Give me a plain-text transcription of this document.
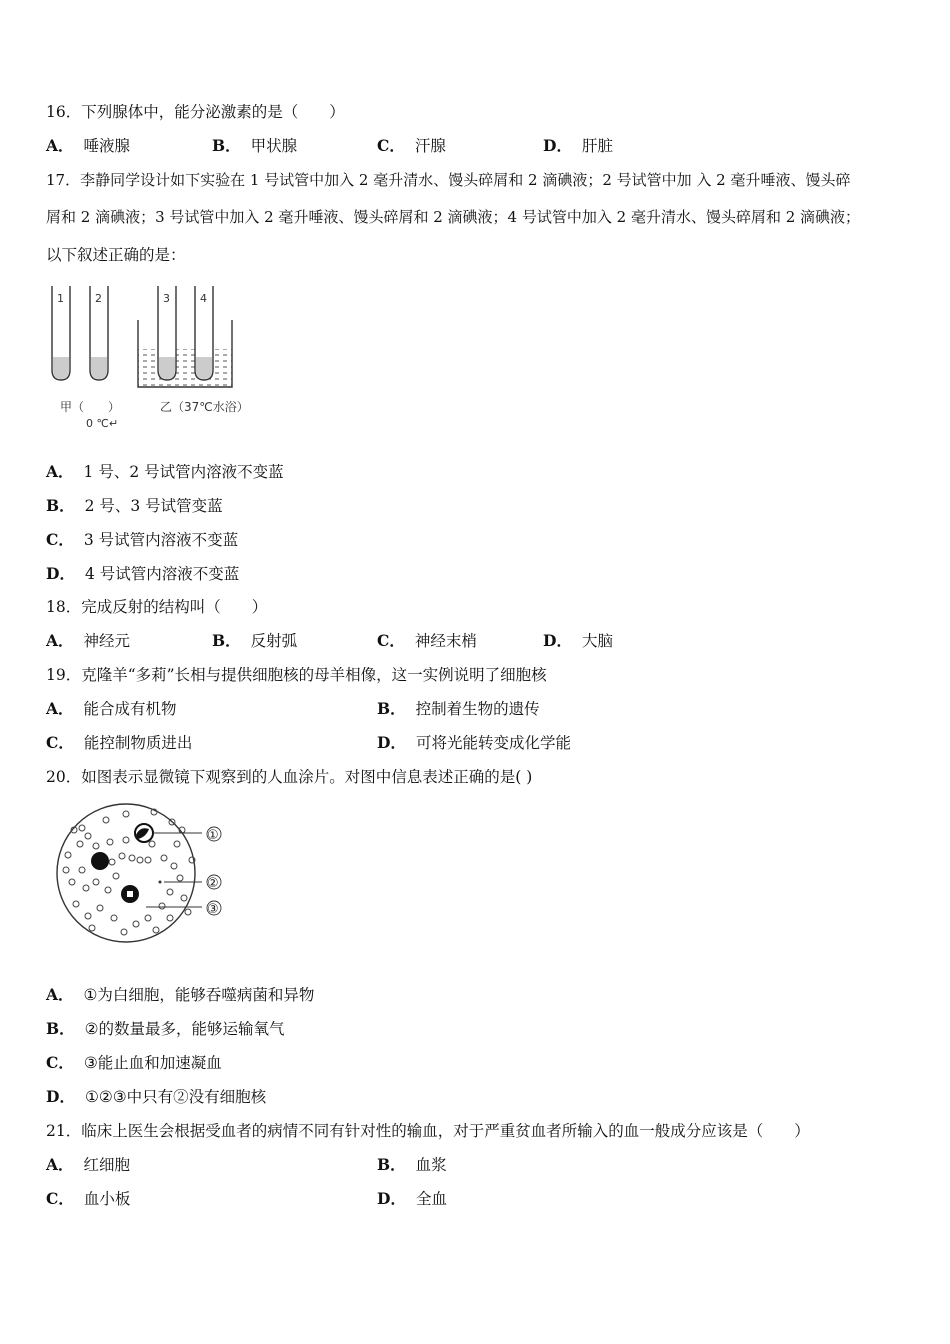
16．下列腺体中，能分泌激素的是（　　）
A． 唾液腺	B． 甲状腺	C． 汗腺	D． 肝脏
17．李静同学设计如下实验在 1 号试管中加入 2 毫升清水、馒头碎屑和 2 滴碘液；2 号试管中加 入 2 毫升唾液、馒头碎
屑和 2 滴碘液；3 号试管中加入 2 毫升唾液、馒头碎屑和 2 滴碘液；4 号试管中加入 2 毫升清水、馒头碎屑和 2 滴碘液；
以下叙述正确的是：
1	2	3	4
甲（　　）
0 ℃↵
乙（37℃水浴）
A． 1 号、2 号试管内溶液不变蓝
B． 2 号、3 号试管变蓝
C． 3 号试管内溶液不变蓝
D． 4 号试管内溶液不变蓝
18．完成反射的结构叫（　　）
A． 神经元	B． 反射弧	C． 神经末梢	D． 大脑
19．克隆羊“多莉”长相与提供细胞核的母羊相像，这一实例说明了细胞核
A． 能合成有机物	B． 控制着生物的遗传
C． 能控制物质进出	D． 可将光能转变成化学能
20．如图表示显微镜下观察到的人血涂片。对图中信息表述正确的是( )
①
②
③
A． ①为白细胞，能够吞噬病菌和异物
B． ②的数量最多，能够运输氧气
C． ③能止血和加速凝血
D． ①②③中只有②没有细胞核
21．临床上医生会根据受血者的病情不同有针对性的输血，对于严重贫血者所输入的血一般成分应该是（　　）
A． 红细胞	B． 血浆
C． 血小板	D． 全血
